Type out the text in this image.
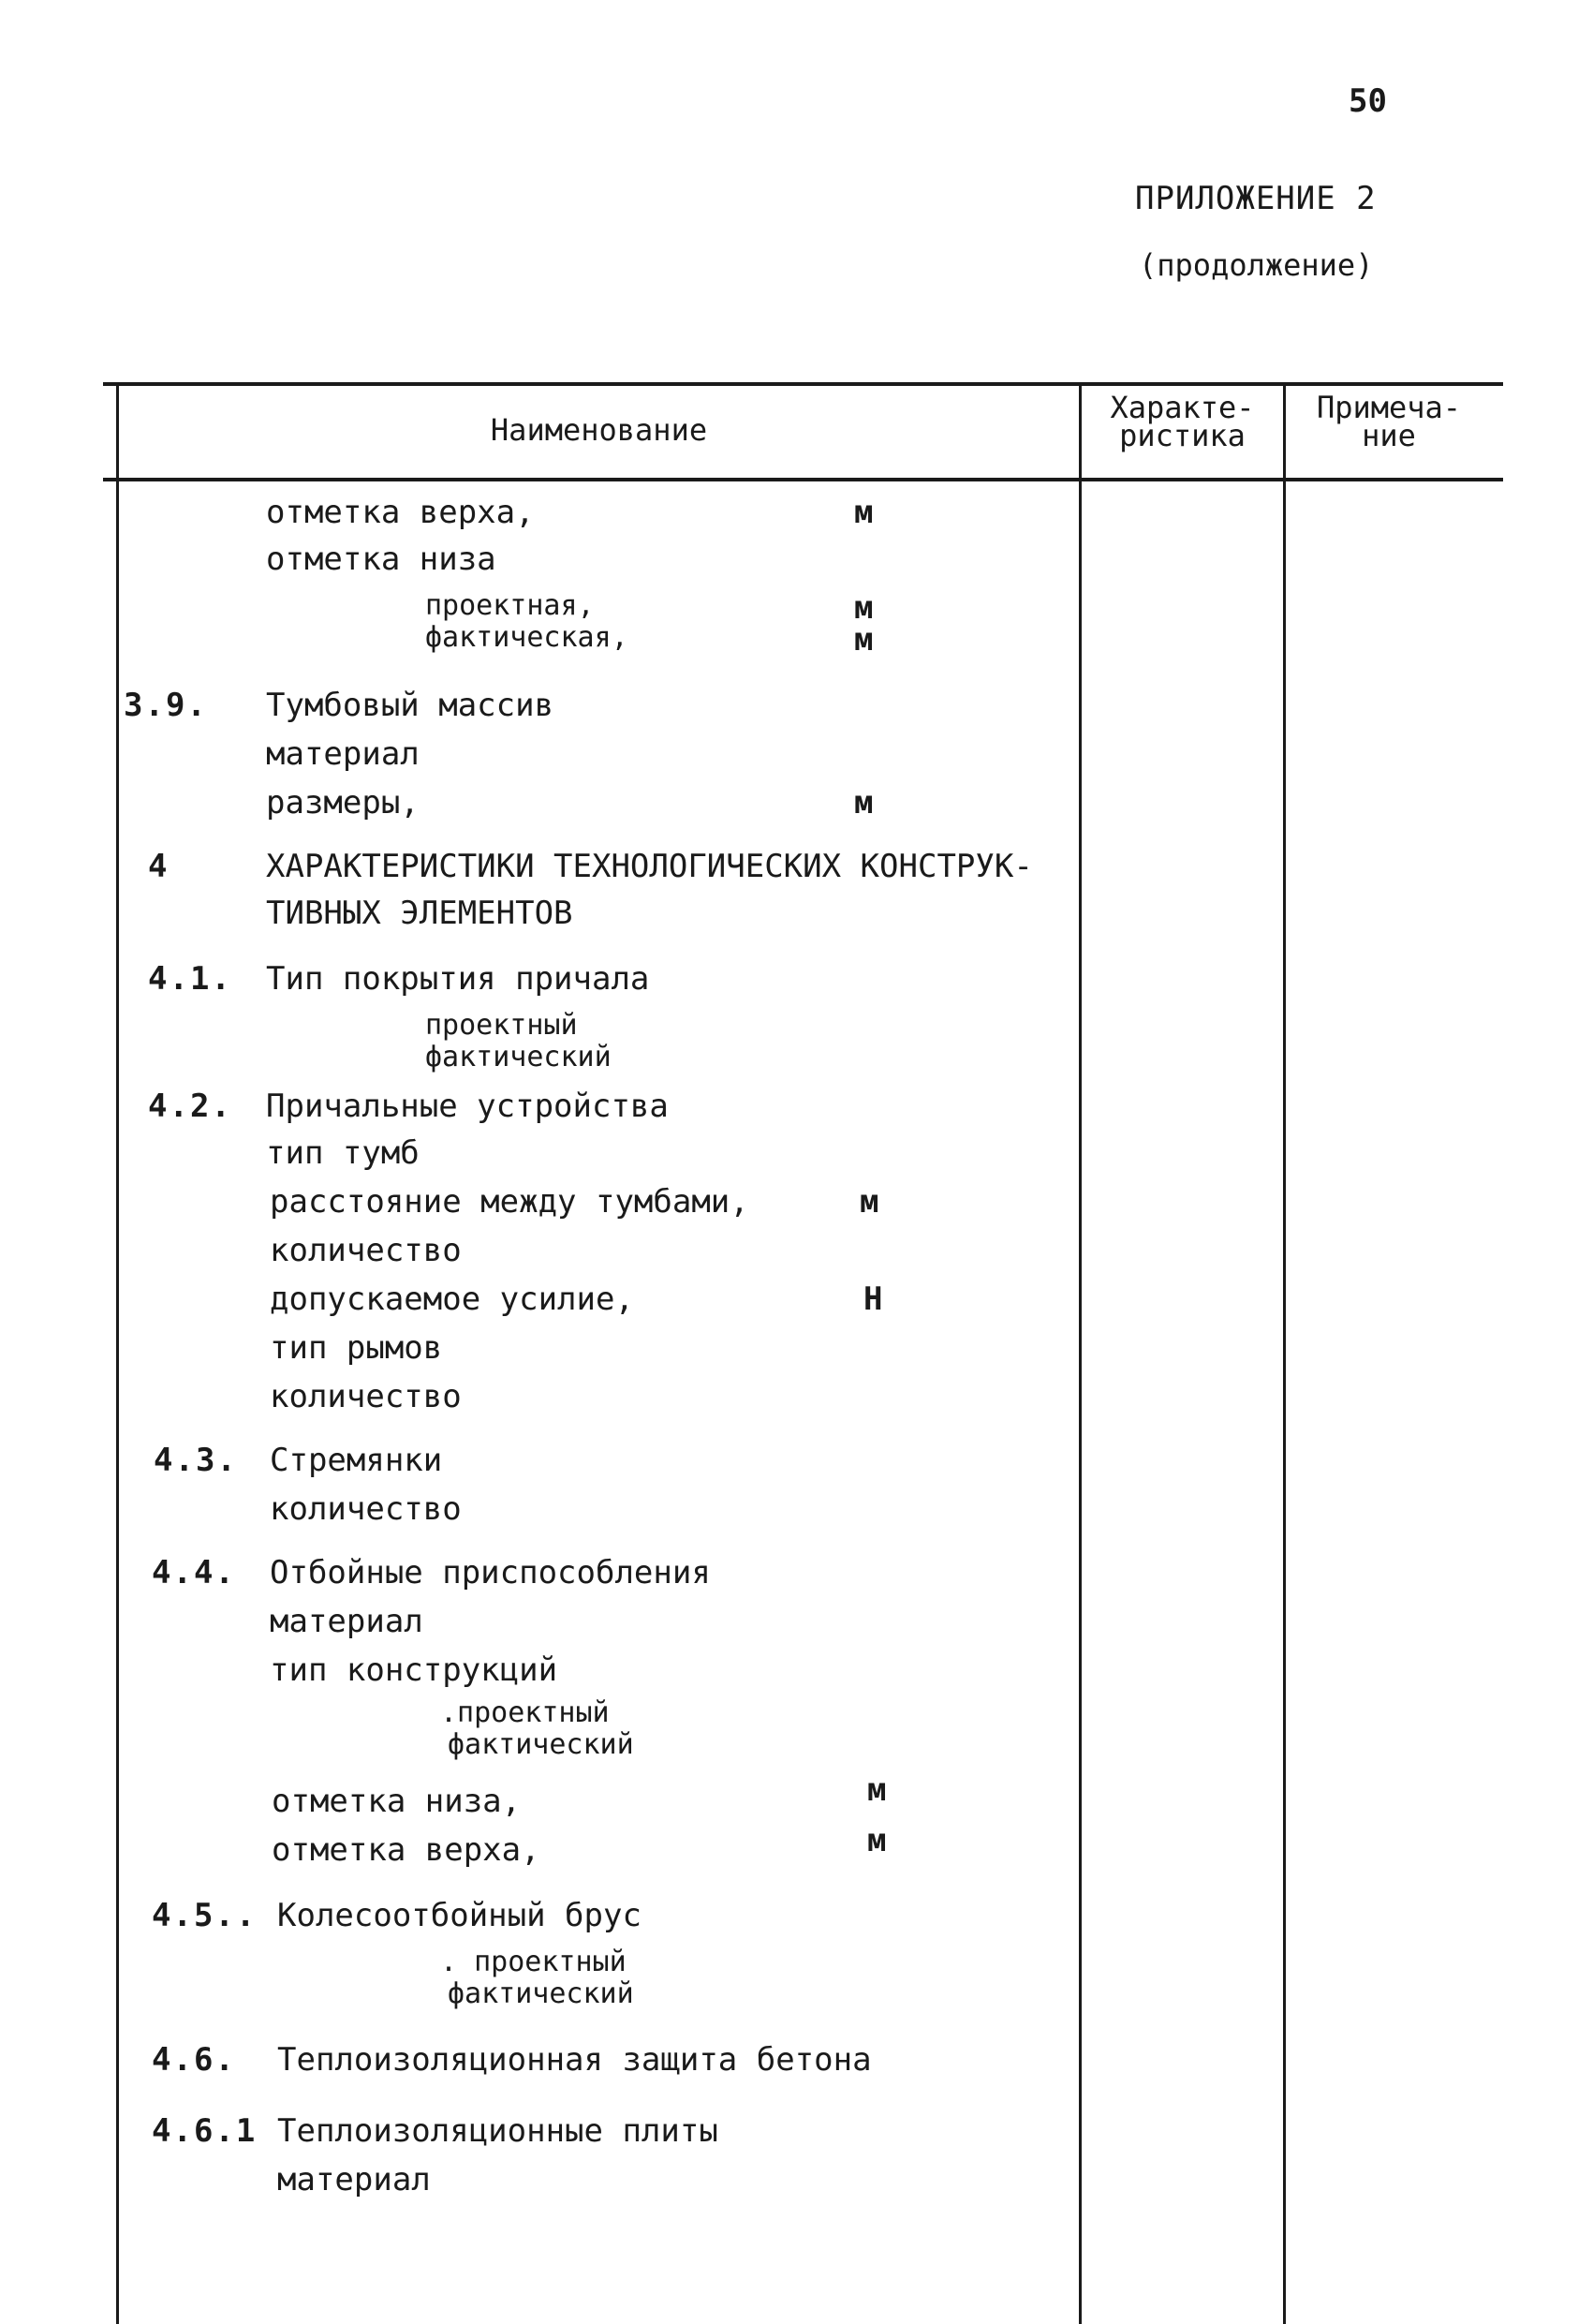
50
ПРИЛОЖЕНИЕ 2
(продолжение)
Наименование
Характе-
ристика
Примеча-
ние
отметка верха,	м
отметка низа
проектная,	м
фактическая,	м
3.9. Тумбовый массив
материал
размеры,	м
4	ХАРАКТЕРИСТИКИ ТЕХНОЛОГИЧЕСКИХ КОНСТРУК-
ТИВНЫХ ЭЛЕМЕНТОВ
4.1. Тип покрытия причала
проектный
фактический
4.2. Причальные устройства
тип тумб
расстояние между тумбами,	м
количество
допускаемое усилие,	Н
тип рымов
количество
4.3. Стремянки
количество
4.4. Отбойные приспособления
материал
тип конструкций
.проектный
фактический
отметка низа,	м
отметка верха,	м
4.5.. Колесоотбойный брус
. проектный
фактический
4.6. Теплоизоляционная защита бетона
4.6.1 Теплоизоляционные плиты
материал
